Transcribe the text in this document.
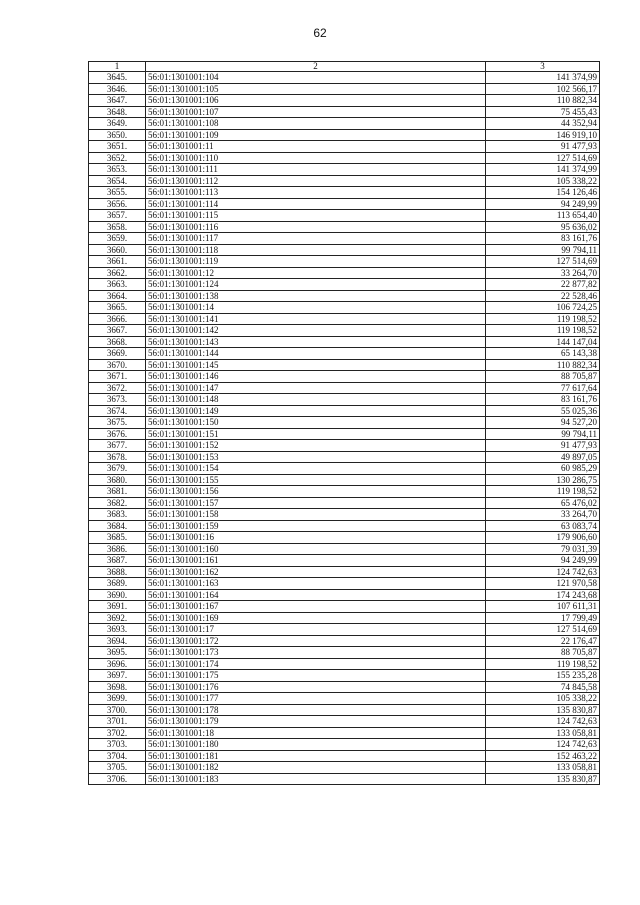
62
1	2	3
3645.	56:01:1301001:104	141 374,99
3646.	56:01:1301001:105	102 566,17
3647.	56:01:1301001:106	110 882,34
3648.	56:01:1301001:107	75 455,43
3649.	56:01:1301001:108	44 352,94
3650.	56:01:1301001:109	146 919,10
3651.	56:01:1301001:11	91 477,93
3652.	56:01:1301001:110	127 514,69
3653.	56:01:1301001:111	141 374,99
3654.	56:01:1301001:112	105 338,22
3655.	56:01:1301001:113	154 126,46
3656.	56:01:1301001:114	94 249,99
3657.	56:01:1301001:115	113 654,40
3658.	56:01:1301001:116	95 636,02
3659.	56:01:1301001:117	83 161,76
3660.	56:01:1301001:118	99 794,11
3661.	56:01:1301001:119	127 514,69
3662.	56:01:1301001:12	33 264,70
3663.	56:01:1301001:124	22 877,82
3664.	56:01:1301001:138	22 528,46
3665.	56:01:1301001:14	106 724,25
3666.	56:01:1301001:141	119 198,52
3667.	56:01:1301001:142	119 198,52
3668.	56:01:1301001:143	144 147,04
3669.	56:01:1301001:144	65 143,38
3670.	56:01:1301001:145	110 882,34
3671.	56:01:1301001:146	88 705,87
3672.	56:01:1301001:147	77 617,64
3673.	56:01:1301001:148	83 161,76
3674.	56:01:1301001:149	55 025,36
3675.	56:01:1301001:150	94 527,20
3676.	56:01:1301001:151	99 794,11
3677.	56:01:1301001:152	91 477,93
3678.	56:01:1301001:153	49 897,05
3679.	56:01:1301001:154	60 985,29
3680.	56:01:1301001:155	130 286,75
3681.	56:01:1301001:156	119 198,52
3682.	56:01:1301001:157	65 476,02
3683.	56:01:1301001:158	33 264,70
3684.	56:01:1301001:159	63 083,74
3685.	56:01:1301001:16	179 906,60
3686.	56:01:1301001:160	79 031,39
3687.	56:01:1301001:161	94 249,99
3688.	56:01:1301001:162	124 742,63
3689.	56:01:1301001:163	121 970,58
3690.	56:01:1301001:164	174 243,68
3691.	56:01:1301001:167	107 611,31
3692.	56:01:1301001:169	17 799,49
3693.	56:01:1301001:17	127 514,69
3694.	56:01:1301001:172	22 176,47
3695.	56:01:1301001:173	88 705,87
3696.	56:01:1301001:174	119 198,52
3697.	56:01:1301001:175	155 235,28
3698.	56:01:1301001:176	74 845,58
3699.	56:01:1301001:177	105 338,22
3700.	56:01:1301001:178	135 830,87
3701.	56:01:1301001:179	124 742,63
3702.	56:01:1301001:18	133 058,81
3703.	56:01:1301001:180	124 742,63
3704.	56:01:1301001:181	152 463,22
3705.	56:01:1301001:182	133 058,81
3706.	56:01:1301001:183	135 830,87
